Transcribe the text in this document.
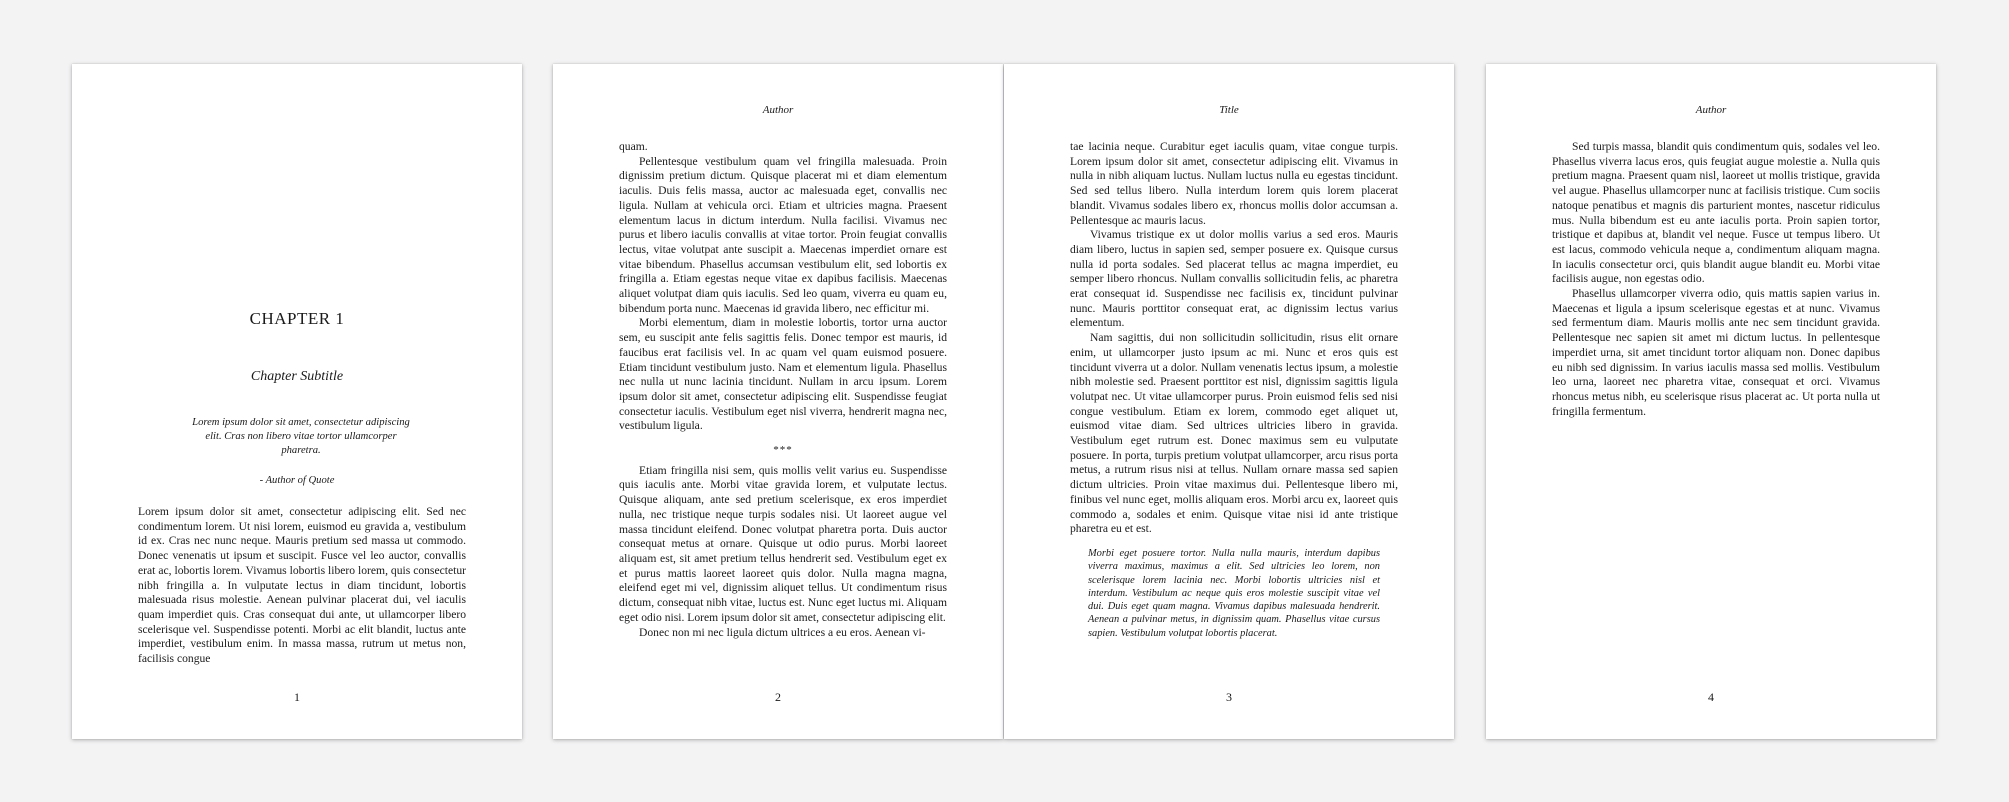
CHAPTER 1
Chapter Subtitle
Lorem ipsum dolor sit amet, consectetur adipiscing elit. Cras non libero vitae tortor ullamcorper pharetra.
- Author of Quote

Lorem ipsum dolor sit amet, consectetur adipiscing elit. Sed nec condimentum lorem. Ut nisi lorem, euismod eu gravida a, vestibulum id ex. Cras nec nunc neque. Mauris pretium sed massa ut commodo. Donec venenatis ut ipsum et suscipit. Fusce vel leo auctor, convallis erat ac, lobortis lorem. Vivamus lobortis libero lorem, quis consectetur nibh fringilla a. In vulputate lectus in diam tincidunt, lobortis malesuada risus molestie. Aenean pulvinar placerat dui, vel iaculis quam imperdiet quis. Cras consequat dui ante, ut ullamcorper libero scelerisque vel. Suspendisse potenti. Morbi ac elit blandit, luctus ante imperdiet, vestibulum enim. In massa massa, rutrum ut metus non, facilisis congue

1
Author

quam.

Pellentesque vestibulum quam vel fringilla malesuada. Proin dignissim pretium dictum. Quisque placerat mi et diam elementum iaculis. Duis felis massa, auctor ac malesuada eget, convallis nec ligula. Nullam at vehicula orci. Etiam et ultricies magna. Praesent elementum lacus in dictum interdum. Nulla facilisi. Vivamus nec purus et libero iaculis convallis at vitae tortor. Proin feugiat convallis lectus, vitae volutpat ante suscipit a. Maecenas imperdiet ornare est vitae bibendum. Phasellus accumsan vestibulum elit, sed lobortis ex fringilla a. Etiam egestas neque vitae ex dapibus facilisis. Maecenas aliquet volutpat diam quis iaculis. Sed leo quam, viverra eu quam eu, bibendum porta nunc. Maecenas id gravida libero, nec efficitur mi.

Morbi elementum, diam in molestie lobortis, tortor urna auctor sem, eu suscipit ante felis sagittis felis. Donec tempor est mauris, id faucibus erat facilisis vel. In ac quam vel quam euismod posuere. Etiam tincidunt vestibulum justo. Nam et elementum ligula. Phasellus nec nulla ut nunc lacinia tincidunt. Nullam in arcu ipsum. Lorem ipsum dolor sit amet, consectetur adipiscing elit. Suspendisse feugiat consectetur iaculis. Vestibulum eget nisl viverra, hendrerit magna nec, vestibulum ligula.

***

Etiam fringilla nisi sem, quis mollis velit varius eu. Suspendisse quis iaculis ante. Morbi vitae gravida lorem, et vulputate lectus. Quisque aliquam, ante sed pretium scelerisque, ex eros imperdiet nulla, nec tristique neque turpis sodales nisi. Ut laoreet augue vel massa tincidunt eleifend. Donec volutpat pharetra porta. Duis auctor consequat metus at ornare. Quisque ut odio purus. Morbi laoreet aliquam est, sit amet pretium tellus hendrerit sed. Vestibulum eget ex et purus mattis laoreet laoreet quis dolor. Nulla magna magna, eleifend eget mi vel, dignissim aliquet tellus. Ut condimentum risus dictum, consequat nibh vitae, luctus est. Nunc eget luctus mi. Aliquam eget odio nisi. Lorem ipsum dolor sit amet, consectetur adipiscing elit.

Donec non mi nec ligula dictum ultrices a eu eros. Aenean vi-

2
Title

tae lacinia neque. Curabitur eget iaculis quam, vitae congue turpis. Lorem ipsum dolor sit amet, consectetur adipiscing elit. Vivamus in nulla in nibh aliquam luctus. Nullam luctus nulla eu egestas tincidunt. Sed sed tellus libero. Nulla interdum lorem quis lorem placerat blandit. Vivamus sodales libero ex, rhoncus mollis dolor accumsan a. Pellentesque ac mauris lacus.

Vivamus tristique ex ut dolor mollis varius a sed eros. Mauris diam libero, luctus in sapien sed, semper posuere ex. Quisque cursus nulla id porta sodales. Sed placerat tellus ac magna imperdiet, eu semper libero rhoncus. Nullam convallis sollicitudin felis, ac pharetra erat consequat id. Suspendisse nec facilisis ex, tincidunt pulvinar nunc. Mauris porttitor consequat erat, ac dignissim lectus varius elementum.

Nam sagittis, dui non sollicitudin sollicitudin, risus elit ornare enim, ut ullamcorper justo ipsum ac mi. Nunc et eros quis est tincidunt viverra ut a dolor. Nullam venenatis lectus ipsum, a molestie nibh molestie sed. Praesent porttitor est nisl, dignissim sagittis ligula volutpat nec. Ut vitae ullamcorper purus. Proin euismod felis sed nisi congue vestibulum. Etiam ex lorem, commodo eget aliquet ut, euismod vitae diam. Sed ultrices ultricies libero in gravida. Vestibulum eget rutrum est. Donec maximus sem eu vulputate posuere. In porta, turpis pretium volutpat ullamcorper, arcu risus porta metus, a rutrum risus nisi at tellus. Nullam ornare massa sed sapien dictum ultricies. Proin vitae maximus dui. Pellentesque libero mi, finibus vel nunc eget, mollis aliquam eros. Morbi arcu ex, laoreet quis commodo a, sodales et enim. Quisque vitae nisi id ante tristique pharetra eu et est.

Morbi eget posuere tortor. Nulla nulla mauris, interdum dapibus viverra maximus, maximus a elit. Sed ultricies leo lorem, non scelerisque lorem lacinia nec. Morbi lobortis ultricies nisl et interdum. Vestibulum ac neque quis eros molestie suscipit vitae vel dui. Duis eget quam magna. Vivamus dapibus malesuada hendrerit. Aenean a pulvinar metus, in dignissim quam. Phasellus vitae cursus sapien. Vestibulum volutpat lobortis placerat.
3
Author

Sed turpis massa, blandit quis condimentum quis, sodales vel leo. Phasellus viverra lacus eros, quis feugiat augue molestie a. Nulla quis pretium magna. Praesent quam nisl, laoreet ut mollis tristique, gravida vel augue. Phasellus ullamcorper nunc at facilisis tristique. Cum sociis natoque penatibus et magnis dis parturient montes, nascetur ridiculus mus. Nulla bibendum est eu ante iaculis porta. Proin sapien tortor, tristique et dapibus at, blandit vel neque. Fusce ut tempus libero. Ut est lacus, commodo vehicula neque a, condimentum aliquam magna. In iaculis consectetur orci, quis blandit augue blandit eu. Morbi vitae facilisis augue, non egestas odio.

Phasellus ullamcorper viverra odio, quis mattis sapien varius in. Maecenas et ligula a ipsum scelerisque egestas et at nunc. Vivamus sed fermentum diam. Mauris mollis ante nec sem tincidunt gravida. Pellentesque nec sapien sit amet mi dictum luctus. In pellentesque imperdiet urna, sit amet tincidunt tortor aliquam non. Donec dapibus eu nibh sed dignissim. In varius iaculis massa sed mollis. Vestibulum leo urna, laoreet nec pharetra vitae, consequat et orci. Vivamus rhoncus metus nibh, eu scelerisque risus placerat ac. Ut porta nulla ut fringilla fermentum.

4
